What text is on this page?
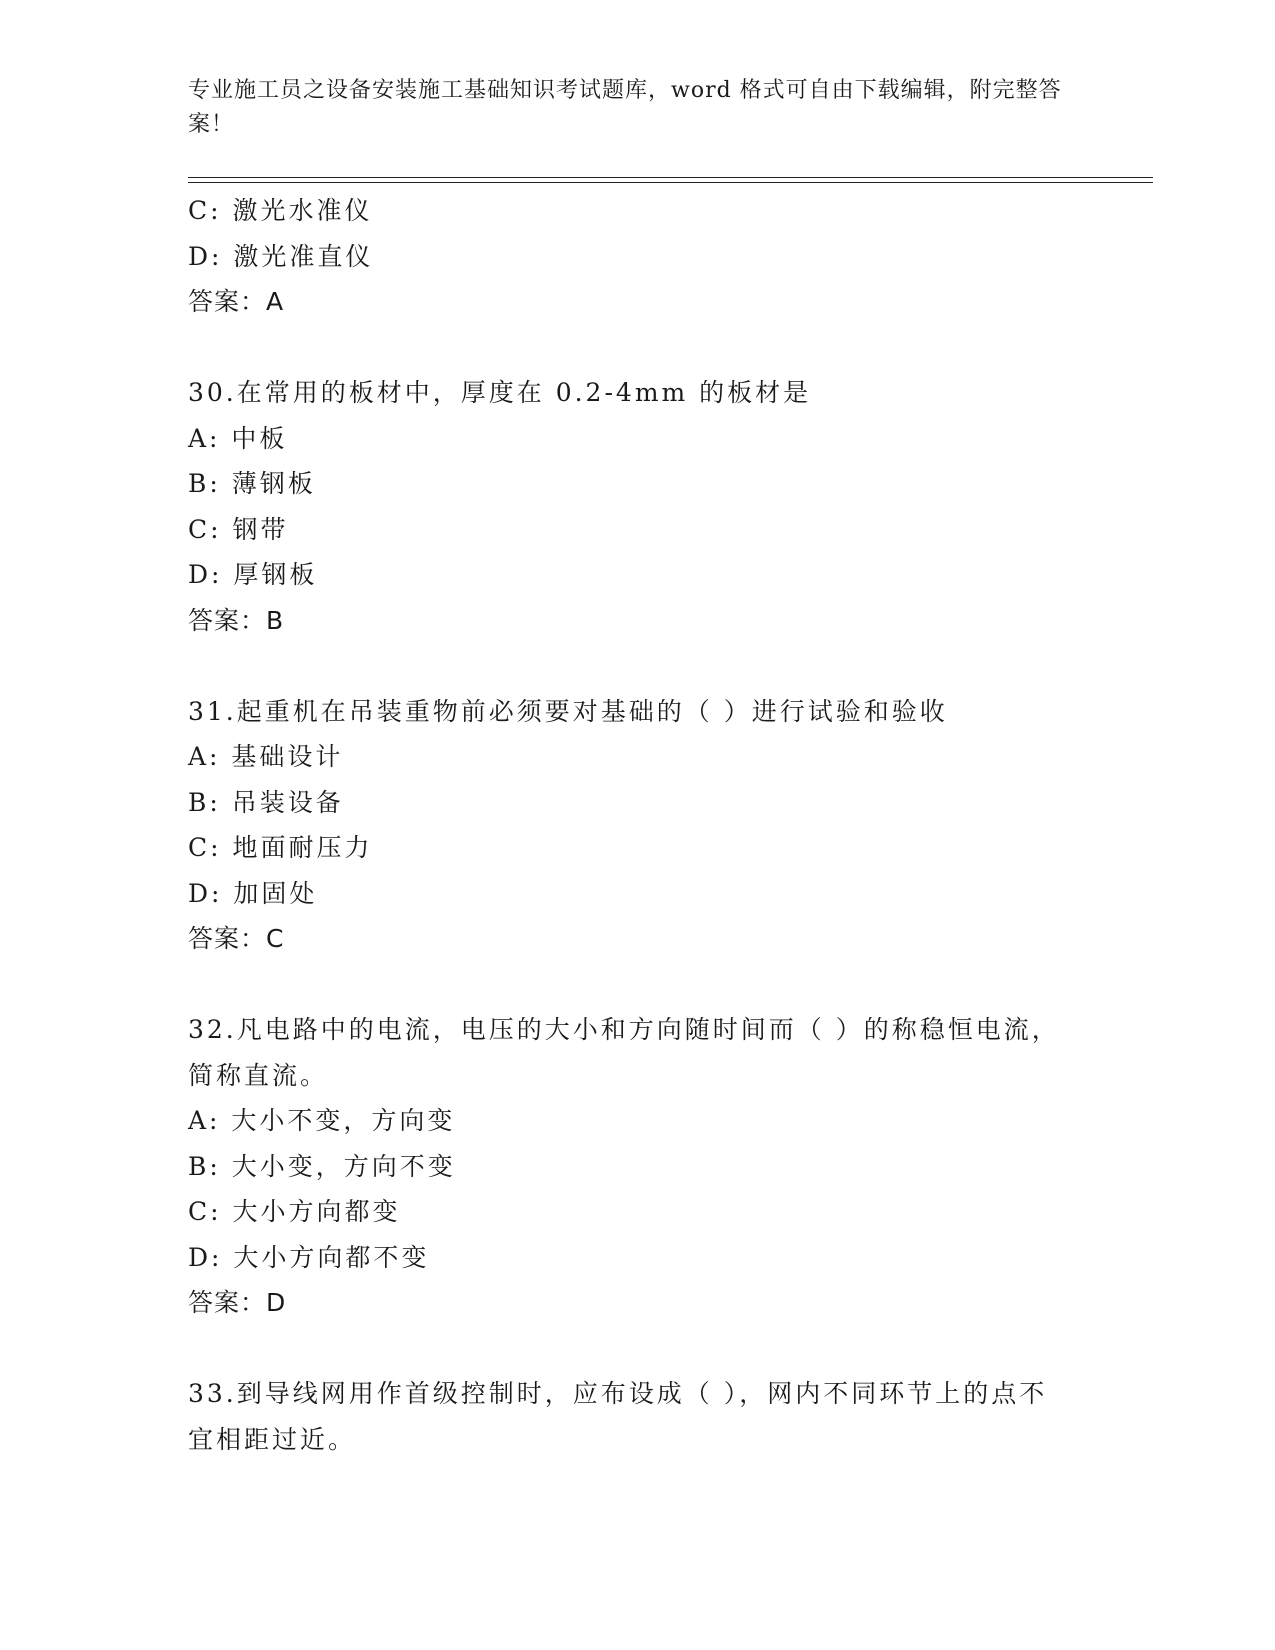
专业施工员之设备安装施工基础知识考试题库，word 格式可自由下载编辑，附完整答案！
C: 激光水准仪
D: 激光准直仪
答案：A
30.在常用的板材中，厚度在 0.2-4mm 的板材是
A: 中板
B: 薄钢板
C: 钢带
D: 厚钢板
答案：B
31.起重机在吊装重物前必须要对基础的（ ）进行试验和验收
A: 基础设计
B: 吊装设备
C: 地面耐压力
D: 加固处
答案：C
32.凡电路中的电流，电压的大小和方向随时间而（ ）的称稳恒电流，简称直流。
A: 大小不变，方向变
B: 大小变，方向不变
C: 大小方向都变
D: 大小方向都不变
答案：D
33.到导线网用作首级控制时，应布设成（ ），网内不同环节上的点不宜相距过近。
